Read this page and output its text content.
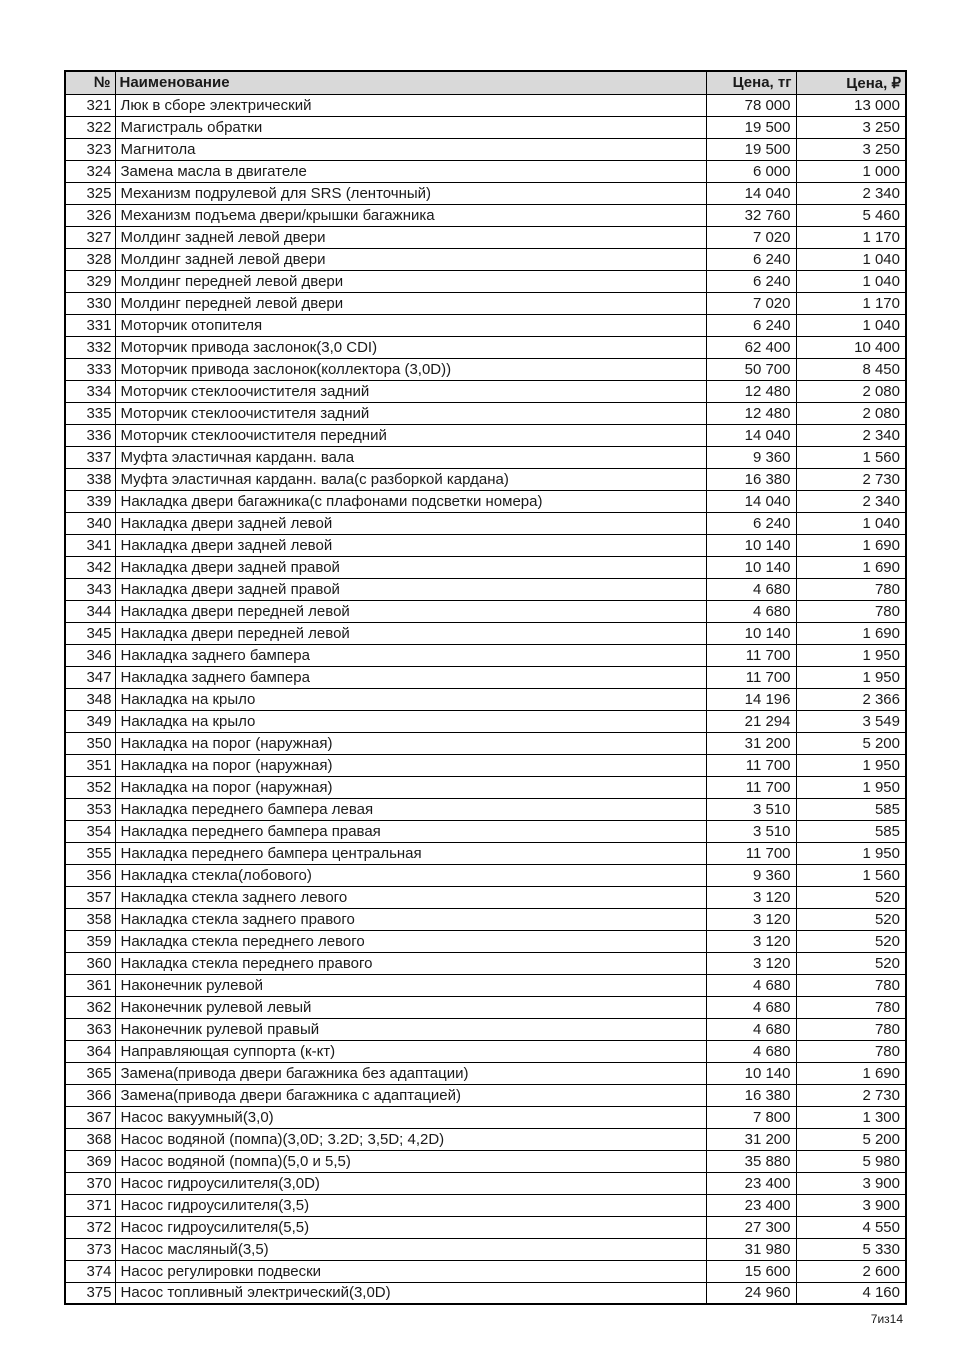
№	Наименование	Цена, тг	Цена, ₽
321	Люк в сборе электрический	78 000	13 000
322	Магистраль обратки	19 500	3 250
323	Магнитола	19 500	3 250
324	Замена масла в двигателе	6 000	1 000
325	Механизм подрулевой для SRS (ленточный)	14 040	2 340
326	Механизм подъема двери/крышки багажника	32 760	5 460
327	Молдинг задней левой двери	7 020	1 170
328	Молдинг задней левой двери	6 240	1 040
329	Молдинг передней левой двери	6 240	1 040
330	Молдинг передней левой двери	7 020	1 170
331	Моторчик отопителя	6 240	1 040
332	Моторчик привода заслонок(3,0 CDI)	62 400	10 400
333	Моторчик привода заслонок(коллектора (3,0D))	50 700	8 450
334	Моторчик стеклоочистителя задний	12 480	2 080
335	Моторчик стеклоочистителя задний	12 480	2 080
336	Моторчик стеклоочистителя передний	14 040	2 340
337	Муфта эластичная карданн. вала	9 360	1 560
338	Муфта эластичная карданн. вала(с разборкой кардана)	16 380	2 730
339	Накладка двери багажника(с плафонами подсветки номера)	14 040	2 340
340	Накладка двери задней левой	6 240	1 040
341	Накладка двери задней левой	10 140	1 690
342	Накладка двери задней правой	10 140	1 690
343	Накладка двери задней правой	4 680	780
344	Накладка двери передней левой	4 680	780
345	Накладка двери передней левой	10 140	1 690
346	Накладка заднего бампера	11 700	1 950
347	Накладка заднего бампера	11 700	1 950
348	Накладка на крыло	14 196	2 366
349	Накладка на крыло	21 294	3 549
350	Накладка на порог (наружная)	31 200	5 200
351	Накладка на порог (наружная)	11 700	1 950
352	Накладка на порог (наружная)	11 700	1 950
353	Накладка переднего бампера левая	3 510	585
354	Накладка переднего бампера правая	3 510	585
355	Накладка переднего бампера центральная	11 700	1 950
356	Накладка стекла(лобового)	9 360	1 560
357	Накладка стекла заднего левого	3 120	520
358	Накладка стекла заднего правого	3 120	520
359	Накладка стекла переднего левого	3 120	520
360	Накладка стекла переднего правого	3 120	520
361	Наконечник рулевой	4 680	780
362	Наконечник рулевой левый	4 680	780
363	Наконечник рулевой правый	4 680	780
364	Направляющая суппорта (к-кт)	4 680	780
365	Замена(привода двери багажника без адаптации)	10 140	1 690
366	Замена(привода двери багажника с адаптацией)	16 380	2 730
367	Насос вакуумный(3,0)	7 800	1 300
368	Насос водяной (помпа)(3,0D; 3.2D; 3,5D; 4,2D)	31 200	5 200
369	Насос водяной (помпа)(5,0 и 5,5)	35 880	5 980
370	Насос гидроусилителя(3,0D)	23 400	3 900
371	Насос гидроусилителя(3,5)	23 400	3 900
372	Насос гидроусилителя(5,5)	27 300	4 550
373	Насос масляный(3,5)	31 980	5 330
374	Насос регулировки подвески	15 600	2 600
375	Насос топливный электрический(3,0D)	24 960	4 160
7из14
